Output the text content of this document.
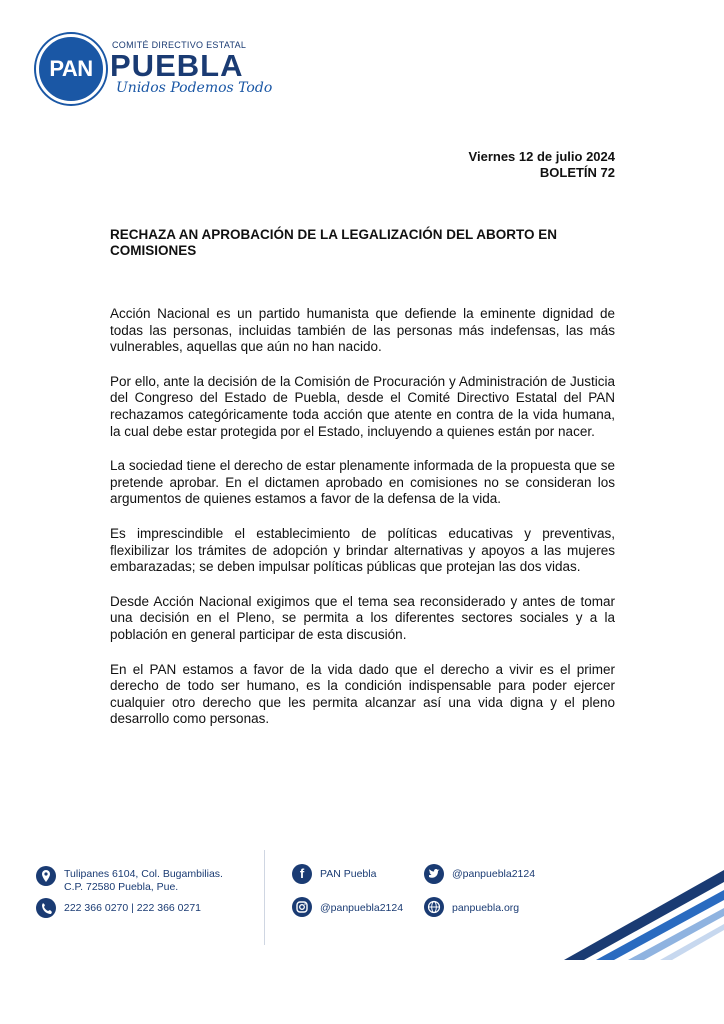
PAN
COMITÉ DIRECTIVO ESTATAL
PUEBLA
Unidos Podemos Todo
Viernes 12 de julio 2024
BOLETÍN 72
RECHAZA AN APROBACIÓN DE LA LEGALIZACIÓN DEL ABORTO EN COMISIONES

Acción Nacional es un partido humanista que defiende la eminente dignidad de todas las personas, incluidas también de las personas más indefensas, las más vulnerables, aquellas que aún no han nacido.

Por ello, ante la decisión de la Comisión de Procuración y Administración de Justicia del Congreso del Estado de Puebla, desde el Comité Directivo Estatal del PAN rechazamos categóricamente toda acción que atente en contra de la vida humana, la cual debe estar protegida por el Estado, incluyendo a quienes están por nacer.

La sociedad tiene el derecho de estar plenamente informada de la propuesta que se pretende aprobar. En el dictamen aprobado en comisiones no se consideran los argumentos de quienes estamos a favor de la defensa de la vida.

Es imprescindible el establecimiento de políticas educativas y preventivas, flexibilizar los trámites de adopción y brindar alternativas y apoyos a las mujeres embarazadas; se deben impulsar políticas públicas que protejan las dos vidas.

Desde Acción Nacional exigimos que el tema sea reconsiderado y antes de tomar una decisión en el Pleno, se permita a los diferentes sectores sociales y a la población en general participar de esta discusión.

En el PAN estamos a favor de la vida dado que el derecho a vivir es el primer derecho de todo ser humano, es la condición indispensable para poder ejercer cualquier otro derecho que les permita alcanzar así una vida digna y el pleno desarrollo como personas.

Tulipanes 6104, Col. Bugambilias.
C.P. 72580 Puebla, Pue.
222 366 0270 | 222 366 0271
f	PAN Puebla	@panpuebla2124
@panpuebla2124	panpuebla.org
